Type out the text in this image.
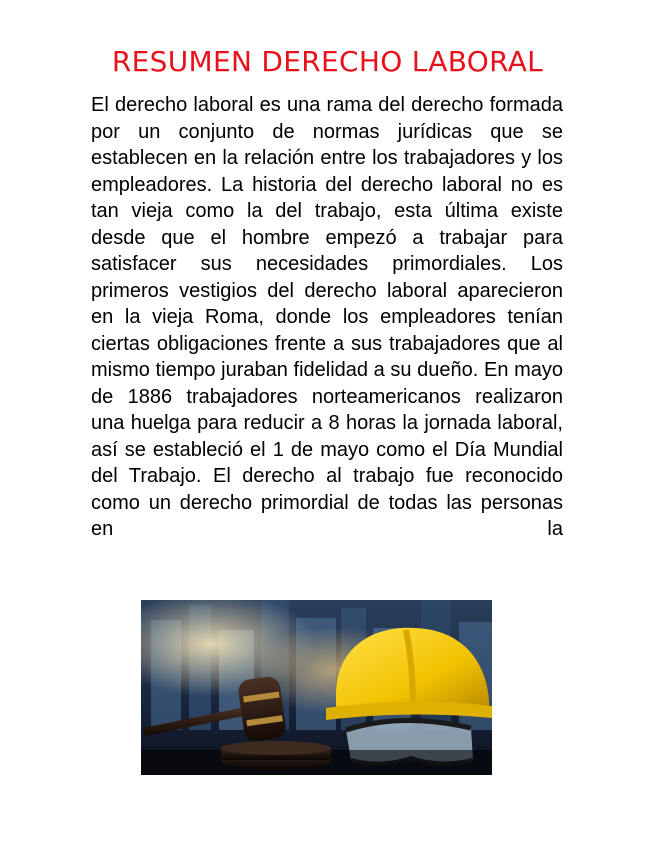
RESUMEN DERECHO LABORAL

El derecho laboral es una rama del derecho formada por un conjunto de normas jurídicas que se establecen en la relación entre los trabajadores y los empleadores. La historia del derecho laboral no es tan vieja como la del trabajo, esta última existe desde que el hombre empezó a trabajar para satisfacer sus necesidades primordiales. Los primeros vestigios del derecho laboral aparecieron en la vieja Roma, donde los empleadores tenían ciertas obligaciones frente a sus trabajadores que al mismo tiempo juraban fidelidad a su dueño. En mayo de 1886 trabajadores norteamericanos realizaron una huelga para reducir a 8 horas la jornada laboral, así se estableció el 1 de mayo como el Día Mundial del Trabajo. El derecho al trabajo fue reconocido como un derecho primordial de todas las personas en la
